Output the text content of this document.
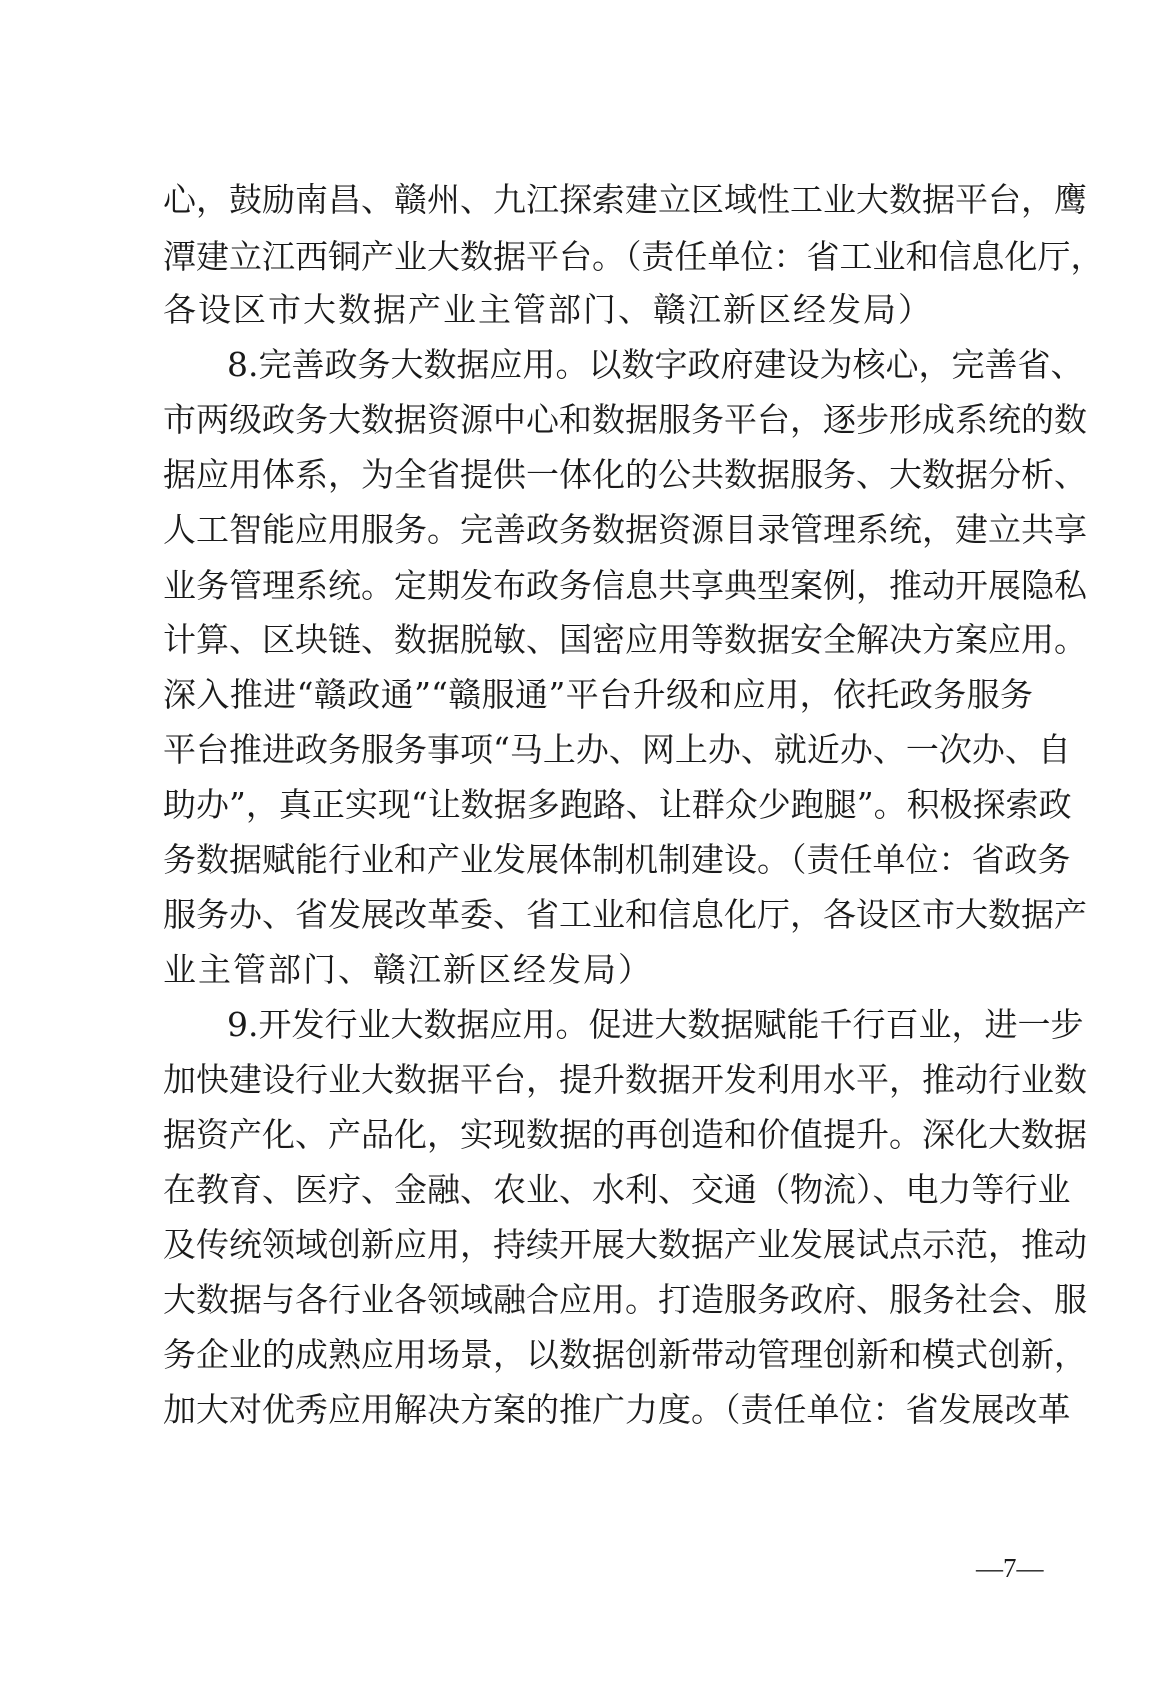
心，鼓励南昌、赣州、九江探索建立区域性工业大数据平台，鹰
潭建立江西铜产业大数据平台。（责任单位：省工业和信息化厅，
各设区市大数据产业主管部门、赣江新区经发局）
8.完善政务大数据应用。以数字政府建设为核心，完善省、
市两级政务大数据资源中心和数据服务平台，逐步形成系统的数
据应用体系，为全省提供一体化的公共数据服务、大数据分析、
人工智能应用服务。完善政务数据资源目录管理系统，建立共享
业务管理系统。定期发布政务信息共享典型案例，推动开展隐私
计算、区块链、数据脱敏、国密应用等数据安全解决方案应用。
深入推进“赣政通”“赣服通”平台升级和应用，依托政务服务
平台推进政务服务事项“马上办、网上办、就近办、一次办、自
助办”，真正实现“让数据多跑路、让群众少跑腿”。积极探索政
务数据赋能行业和产业发展体制机制建设。（责任单位：省政务
服务办、省发展改革委、省工业和信息化厅，各设区市大数据产
业主管部门、赣江新区经发局）
9.开发行业大数据应用。促进大数据赋能千行百业，进一步
加快建设行业大数据平台，提升数据开发利用水平，推动行业数
据资产化、产品化，实现数据的再创造和价值提升。深化大数据
在教育、医疗、金融、农业、水利、交通（物流）、电力等行业
及传统领域创新应用，持续开展大数据产业发展试点示范，推动
大数据与各行业各领域融合应用。打造服务政府、服务社会、服
务企业的成熟应用场景，以数据创新带动管理创新和模式创新，
加大对优秀应用解决方案的推广力度。（责任单位：省发展改革
—7—
